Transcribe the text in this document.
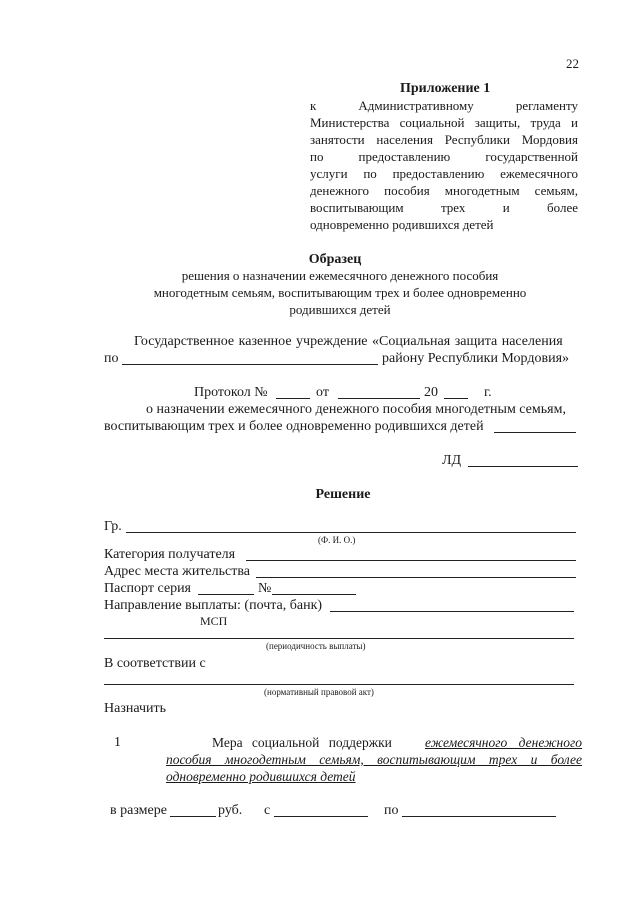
22
Приложение 1
к Административному регламенту
Министерства социальной защиты, труда и
занятости населения Республики Мордовия
по предоставлению государственной
услуги по предоставлению ежемесячного
денежного пособия многодетным семьям,
воспитывающим трех и более
одновременно родившихся детей
Образец
решения о назначении ежемесячного денежного пособия
многодетным семьям, воспитывающим трех и более одновременно
родившихся детей
Государственное казенное учреждение «Социальная защита населения
по	району Республики Мордовия»
Протокол №	от	20	г.
о назначении ежемесячного денежного пособия многодетным семьям,
воспитывающим трех и более одновременно родившихся детей
ЛД
Решение
Гр.
(Ф. И. О.)
Категория получателя
Адрес места жительства
Паспорт серия	№
Направление выплаты: (почта, банк)
МСП
(периодичность выплаты)
В соответствии с
(нормативный правовой акт)
Назначить
1	Мера социальной поддержки ежемесячного денежного
пособия многодетным семьям, воспитывающим трех и более
одновременно родившихся детей
в размере	руб. с	по
